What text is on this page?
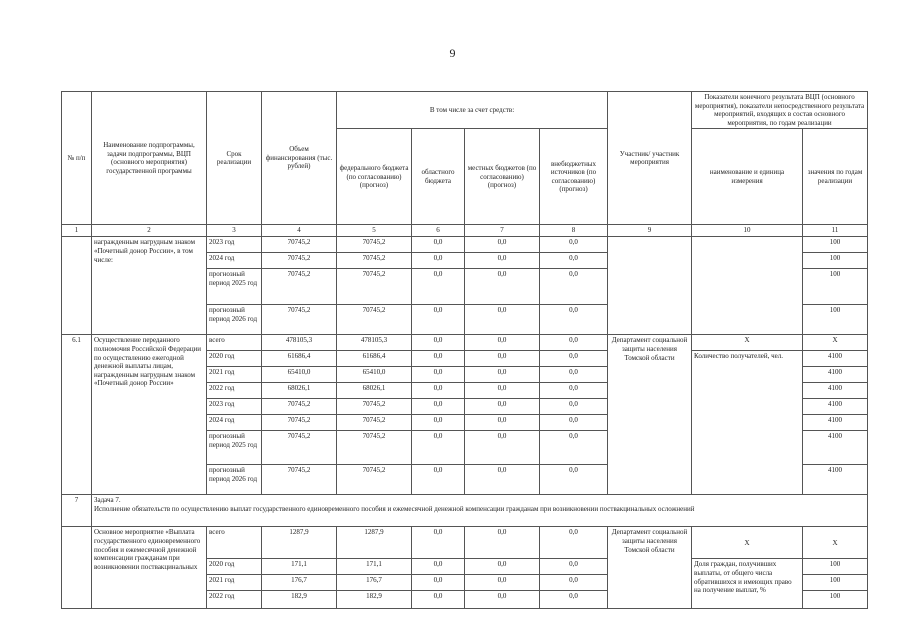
9
№ п/п	Наименование подпрограммы, задачи подпрограммы, ВЦП (основного мероприятия) государственной программы	Срок реализации	Объем финансирования (тыс. рублей)	В том числе за счет средств:				Участник/ участник мероприятия	Показатели конечного результата ВЦП (основного мероприятия), показатели непосредственного результата мероприятий, входящих в состав основного мероприятия, по годам реализации	
				федерального бюджета (по согласованию) (прогноз)	областного бюджета	местных бюджетов (по согласованию) (прогноз)	внебюджетных источников (по согласованию) (прогноз)		наименование и единица измерения	значения по годам реализации
1	2	3	4	5	6	7	8	9	10	11
	награжденным нагрудным знаком «Почетный донор России», в том числе:	2023 год	70745,2	70745,2	0,0	0,0	0,0			100
		2024 год	70745,2	70745,2	0,0	0,0	0,0			100
		прогнозный период 2025 год	70745,2	70745,2	0,0	0,0	0,0			100
		прогнозный период 2026 год	70745,2	70745,2	0,0	0,0	0,0			100
6.1	Осуществление переданного полномочия Российской Федерации по осуществлению ежегодной денежной выплаты лицам, награжденным нагрудным знаком «Почетный донор России»	всего	478105,3	478105,3	0,0	0,0	0,0	Департамент социальной защиты населения Томской области	Х	Х
		2020 год	61686,4	61686,4	0,0	0,0	0,0		Количество получателей, чел.	4100
		2021 год	65410,0	65410,0	0,0	0,0	0,0			4100
		2022 год	68026,1	68026,1	0,0	0,0	0,0			4100
		2023 год	70745,2	70745,2	0,0	0,0	0,0			4100
		2024 год	70745,2	70745,2	0,0	0,0	0,0			4100
		прогнозный период 2025 год	70745,2	70745,2	0,0	0,0	0,0			4100
		прогнозный период 2026 год	70745,2	70745,2	0,0	0,0	0,0			4100
7	Задача 7.
Исполнение обязательств по осуществлению выплат государственного единовременного пособия и ежемесячной денежной компенсации гражданам при возникновении поствакцинальных осложнений									

	Основное мероприятие «Выплата государственного единовременного пособия и ежемесячной денежной компенсации гражданам при возникновении поствакцинальных	всего	1287,9	1287,9	0,0	0,0	0,0	Департамент социальной защиты населения Томской области	Х	Х
		2020 год	171,1	171,1	0,0	0,0	0,0		Доля граждан, получивших выплаты, от общего числа обратившихся и имеющих право на получение выплат, %	100
		2021 год	176,7	176,7	0,0	0,0	0,0			100
		2022 год	182,9	182,9	0,0	0,0	0,0			100
